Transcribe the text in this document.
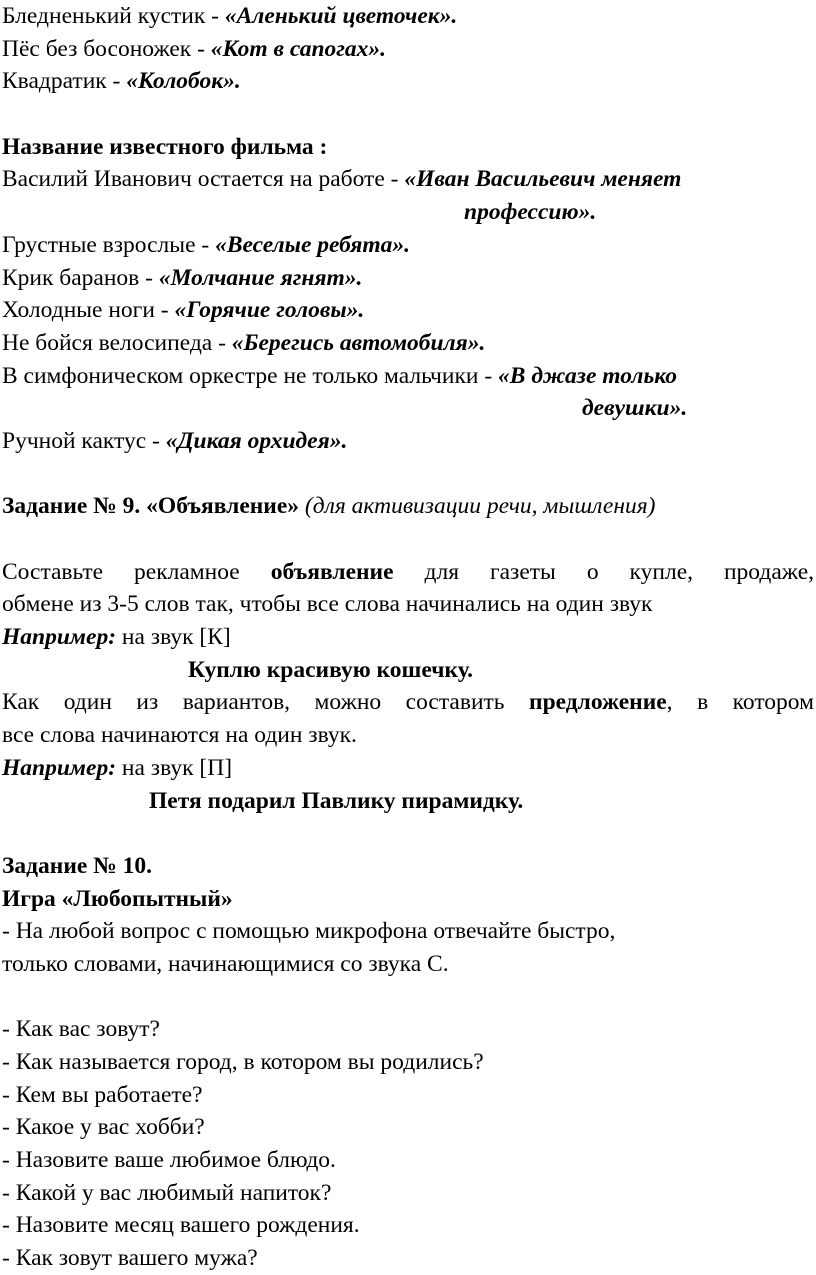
Бледненький кустик - «Аленький цветочек».
Пёс без босоножек - «Кот в сапогах».
Квадратик - «Колобок».
Название известного фильма :
Василий Иванович остается на работе - «Иван Васильевич меняет
профессию».
Грустные взрослые - «Веселые ребята».
Крик баранов - «Молчание ягнят».
Холодные ноги - «Горячие головы».
Не бойся велосипеда - «Берегись автомобиля».
В симфоническом оркестре не только мальчики - «В джазе только
девушки».
Ручной кактус - «Дикая орхидея».
Задание № 9. «Объявление» (для активизации речи, мышления)
Составьте рекламное объявление для газеты о купле, продаже,
обмене из 3-5 слов так, чтобы все слова начинались на один звук
Например: на звук [К]
Куплю красивую кошечку.
Как один из вариантов, можно составить предложение, в котором
все слова начинаются на один звук.
Например: на звук [П]
Петя подарил Павлику пирамидку.
Задание № 10.
Игра «Любопытный»
- На любой вопрос с помощью микрофона отвечайте быстро,
только словами, начинающимися со звука С.
- Как вас зовут?
- Как называется город, в котором вы родились?
- Кем вы работаете?
- Какое у вас хобби?
- Назовите ваше любимое блюдо.
- Какой у вас любимый напиток?
- Назовите месяц вашего рождения.
- Как зовут вашего мужа?
